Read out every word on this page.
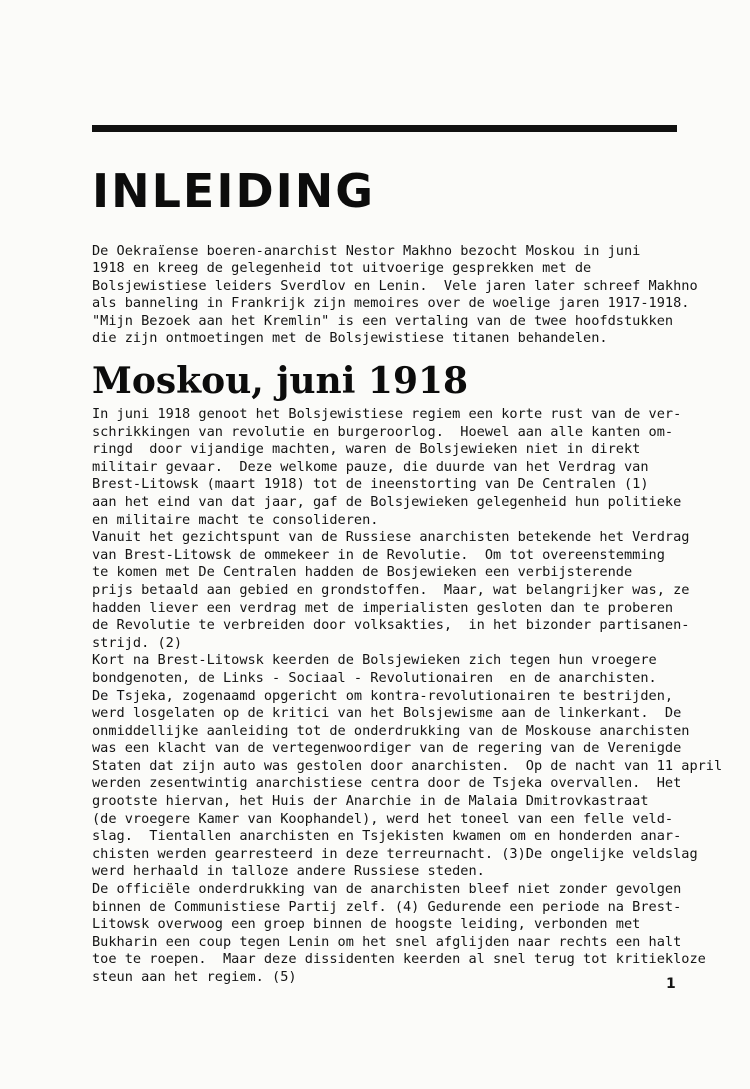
INLEIDING
De Oekraïense boeren-anarchist Nestor Makhno bezocht Moskou in juni
1918 en kreeg de gelegenheid tot uitvoerige gesprekken met de
Bolsjewistiese leiders Sverdlov en Lenin.  Vele jaren later schreef Makhno
als banneling in Frankrijk zijn memoires over de woelige jaren 1917-1918.
"Mijn Bezoek aan het Kremlin" is een vertaling van de twee hoofdstukken
die zijn ontmoetingen met de Bolsjewistiese titanen behandelen.
Moskou, juni 1918
In juni 1918 genoot het Bolsjewistiese regiem een korte rust van de ver-
schrikkingen van revolutie en burgeroorlog.  Hoewel aan alle kanten om-
ringd  door vijandige machten, waren de Bolsjewieken niet in direkt
militair gevaar.  Deze welkome pauze, die duurde van het Verdrag van
Brest-Litowsk (maart 1918) tot de ineenstorting van De Centralen (1)
aan het eind van dat jaar, gaf de Bolsjewieken gelegenheid hun politieke
en militaire macht te consolideren.
Vanuit het gezichtspunt van de Russiese anarchisten betekende het Verdrag
van Brest-Litowsk de ommekeer in de Revolutie.  Om tot overeenstemming
te komen met De Centralen hadden de Bosjewieken een verbijsterende
prijs betaald aan gebied en grondstoffen.  Maar, wat belangrijker was, ze
hadden liever een verdrag met de imperialisten gesloten dan te proberen
de Revolutie te verbreiden door volksakties,  in het bizonder partisanen-
strijd. (2)
Kort na Brest-Litowsk keerden de Bolsjewieken zich tegen hun vroegere
bondgenoten, de Links - Sociaal - Revolutionairen  en de anarchisten.
De Tsjeka, zogenaamd opgericht om kontra-revolutionairen te bestrijden,
werd losgelaten op de kritici van het Bolsjewisme aan de linkerkant.  De
onmiddellijke aanleiding tot de onderdrukking van de Moskouse anarchisten
was een klacht van de vertegenwoordiger van de regering van de Verenigde
Staten dat zijn auto was gestolen door anarchisten.  Op de nacht van 11 april
werden zesentwintig anarchistiese centra door de Tsjeka overvallen.  Het
grootste hiervan, het Huis der Anarchie in de Malaia Dmitrovkastraat
(de vroegere Kamer van Koophandel), werd het toneel van een felle veld-
slag.  Tientallen anarchisten en Tsjekisten kwamen om en honderden anar-
chisten werden gearresteerd in deze terreurnacht. (3)De ongelijke veldslag
werd herhaald in talloze andere Russiese steden.
De officiële onderdrukking van de anarchisten bleef niet zonder gevolgen
binnen de Communistiese Partij zelf. (4) Gedurende een periode na Brest-
Litowsk overwoog een groep binnen de hoogste leiding, verbonden met
Bukharin een coup tegen Lenin om het snel afglijden naar rechts een halt
toe te roepen.  Maar deze dissidenten keerden al snel terug tot kritiekloze
steun aan het regiem. (5)	1
